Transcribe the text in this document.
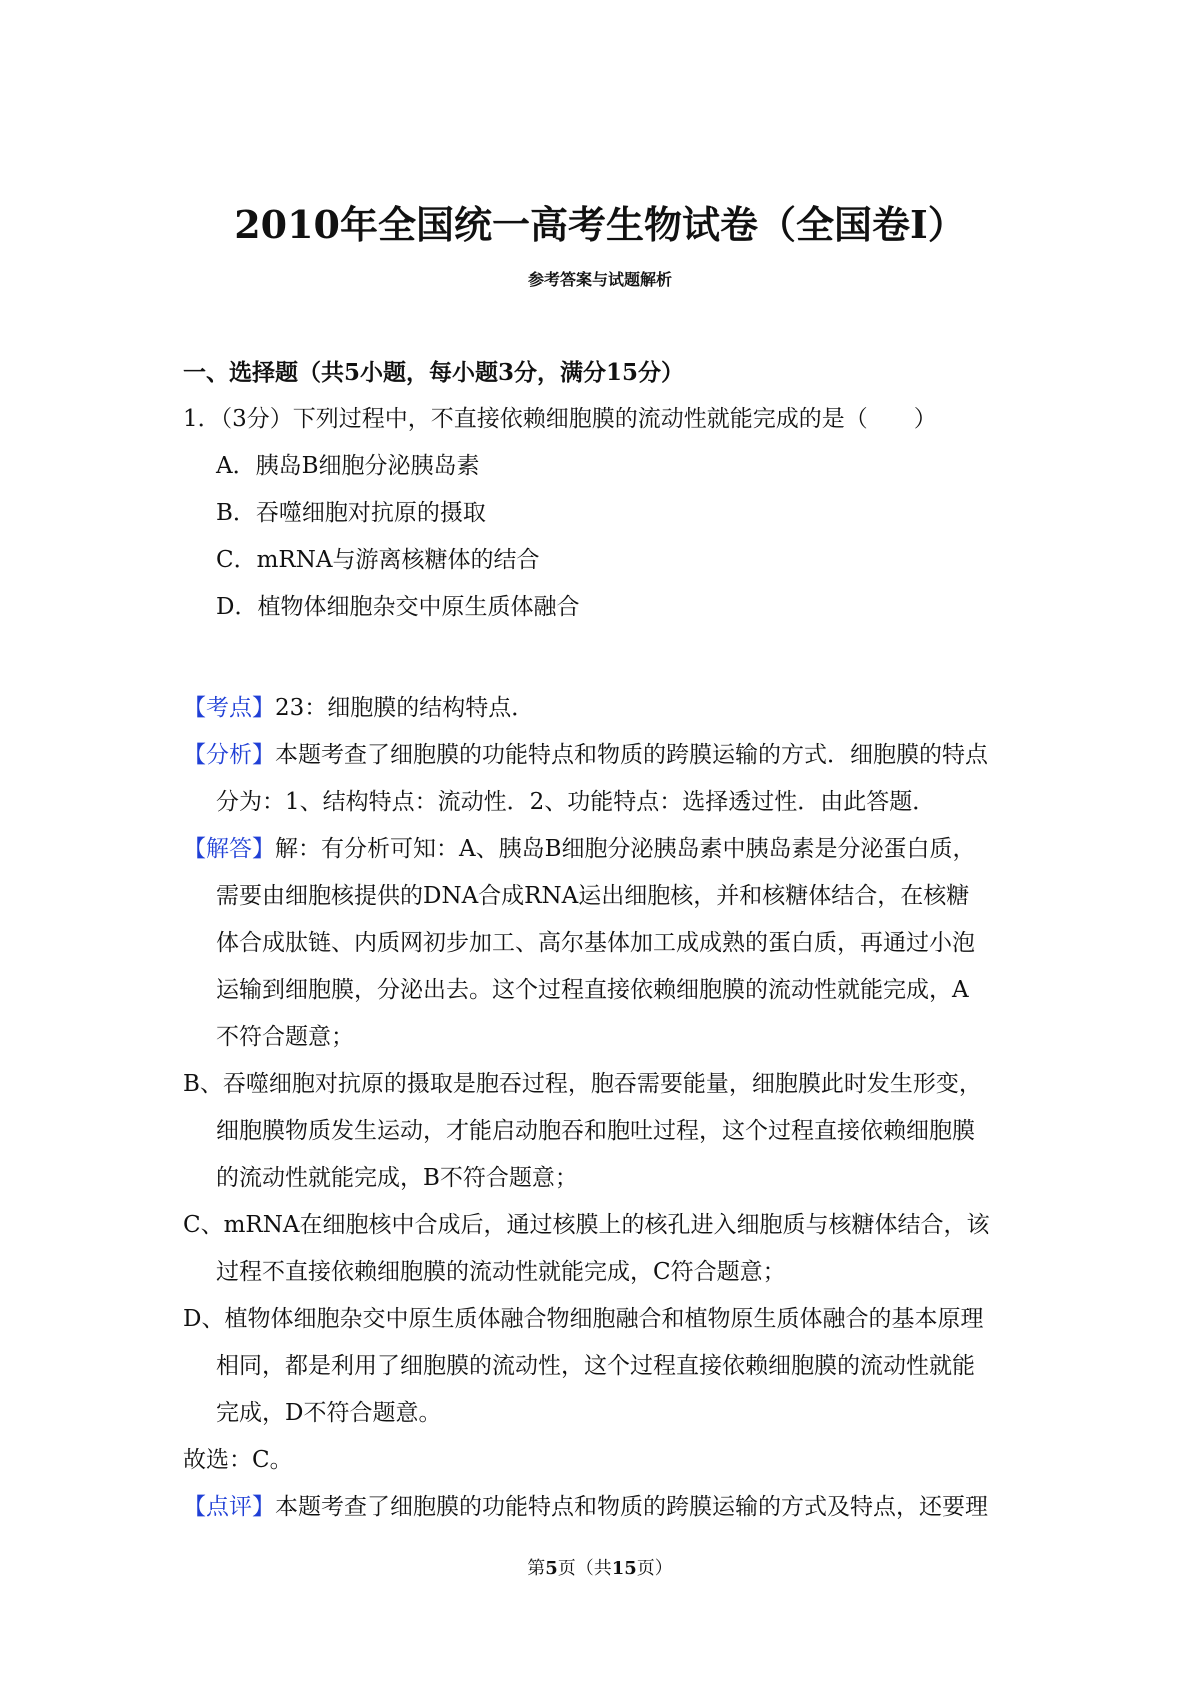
2010年全国统一高考生物试卷（全国卷Ⅰ）
参考答案与试题解析
一、选择题（共5小题，每小题3分，满分15分）
1．（3分）下列过程中，不直接依赖细胞膜的流动性就能完成的是（　　）
A．胰岛B细胞分泌胰岛素
B．吞噬细胞对抗原的摄取
C．mRNA与游离核糖体的结合
D．植物体细胞杂交中原生质体融合
【考点】23：细胞膜的结构特点．
【分析】本题考查了细胞膜的功能特点和物质的跨膜运输的方式．细胞膜的特点
分为：1、结构特点：流动性．2、功能特点：选择透过性．由此答题．
【解答】解：有分析可知：A、胰岛B细胞分泌胰岛素中胰岛素是分泌蛋白质，
需要由细胞核提供的DNA合成RNA运出细胞核，并和核糖体结合，在核糖
体合成肽链、内质网初步加工、高尔基体加工成成熟的蛋白质，再通过小泡
运输到细胞膜，分泌出去。这个过程直接依赖细胞膜的流动性就能完成，A
不符合题意；
B、吞噬细胞对抗原的摄取是胞吞过程，胞吞需要能量，细胞膜此时发生形变，
细胞膜物质发生运动，才能启动胞吞和胞吐过程，这个过程直接依赖细胞膜
的流动性就能完成，B不符合题意；
C、mRNA在细胞核中合成后，通过核膜上的核孔进入细胞质与核糖体结合，该
过程不直接依赖细胞膜的流动性就能完成，C符合题意；
D、植物体细胞杂交中原生质体融合物细胞融合和植物原生质体融合的基本原理
相同，都是利用了细胞膜的流动性，这个过程直接依赖细胞膜的流动性就能
完成，D不符合题意。
故选：C。
【点评】本题考查了细胞膜的功能特点和物质的跨膜运输的方式及特点，还要理
第5页（共15页）
